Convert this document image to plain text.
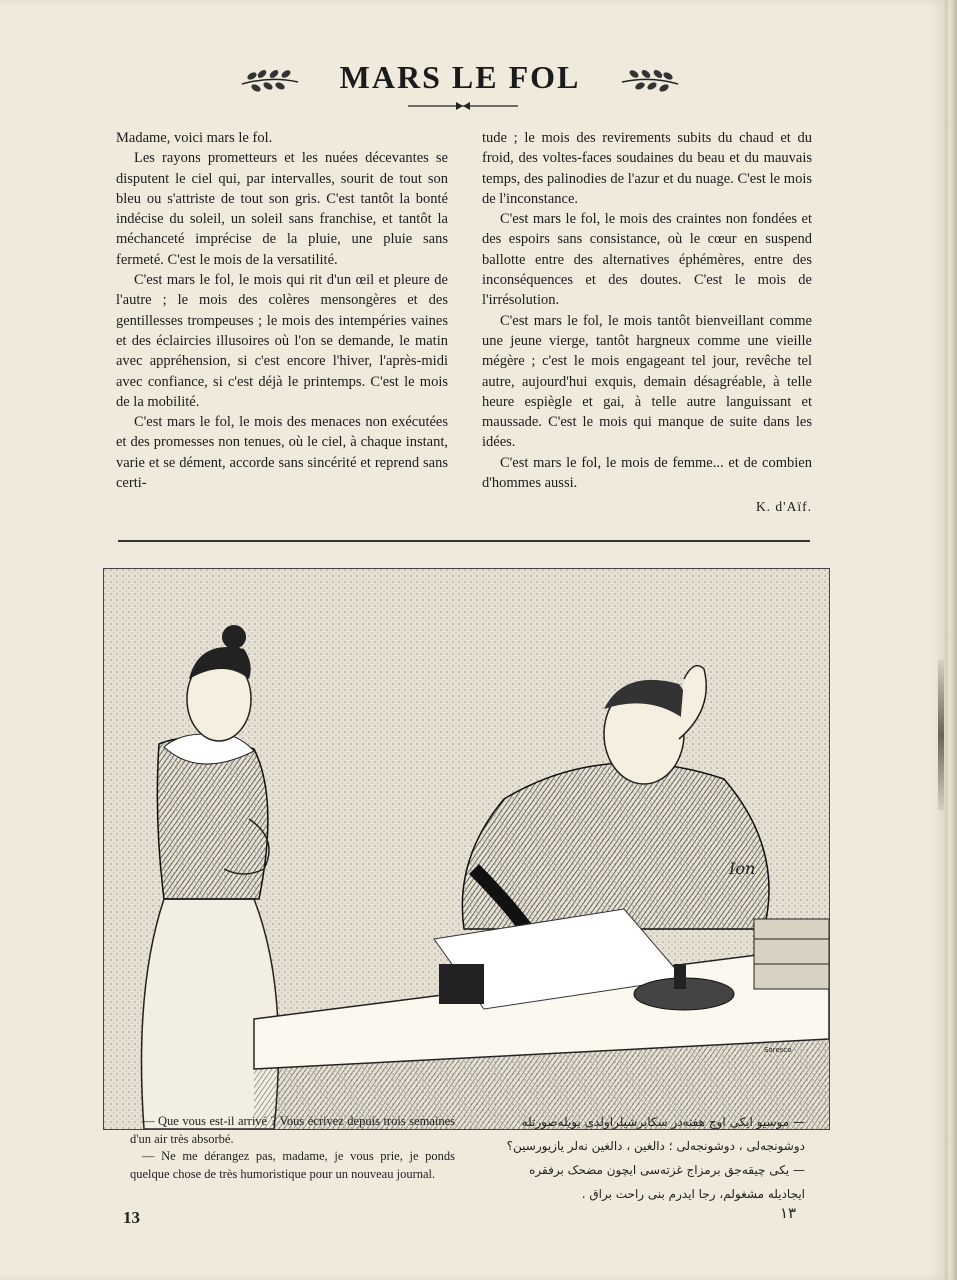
MARS LE FOL

Madame, voici mars le fol.

Les rayons prometteurs et les nuées décevantes se disputent le ciel qui, par intervalles, sourit de tout son bleu ou s'attriste de tout son gris. C'est tantôt la bonté indécise du soleil, un soleil sans franchise, et tantôt la méchanceté imprécise de la pluie, une pluie sans fermeté. C'est le mois de la versatilité.

C'est mars le fol, le mois qui rit d'un œil et pleure de l'autre ; le mois des colères mensongères et des gentillesses trompeuses ; le mois des intempéries vaines et des éclaircies illusoires où l'on se demande, le matin avec appréhension, si c'est encore l'hiver, l'après-midi avec confiance, si c'est déjà le printemps. C'est le mois de la mobilité.

C'est mars le fol, le mois des menaces non exécutées et des promesses non tenues, où le ciel, à chaque instant, varie et se dément, accorde sans sincérité et reprend sans certi-

tude ; le mois des revirements subits du chaud et du froid, des voltes-faces soudaines du beau et du mauvais temps, des palinodies de l'azur et du nuage. C'est le mois de l'inconstance.

C'est mars le fol, le mois des craintes non fondées et des espoirs sans consistance, où le cœur en suspend ballotte entre des alternatives éphémères, entre des inconséquences et des doutes. C'est le mois de l'irrésolution.

C'est mars le fol, le mois tantôt bienveillant comme une jeune vierge, tantôt hargneux comme une vieille mégère ; c'est le mois engageant tel jour, revêche tel autre, aujourd'hui exquis, demain désagréable, à telle heure espiègle et gai, à telle autre languissant et maussade. C'est le mois qui manque de suite dans les idées.

C'est mars le fol, le mois de femme... et de combien d'hommes aussi.

K. d'Aïf.
Ion
Soresco

— Que vous est-il arrivé ? Vous écrivez depuis trois semaines d'un air très absorbé.

— Ne me dérangez pas, madame, je vous prie, je ponds quelque chose de très humoristique pour un nouveau journal.

— موسیو ایکی اوچ هفته‌در سکابرشیلراولدی بویله‌صورتله

دوشونجه‌لی ، دوشونجه‌لی ؛ دالغین ، دالغین نه‌لر یازیورسین؟

— یکی چیقه‌جق برمزاج غزته‌سی ایچون مضحک برفقره

ایجادیله مشغولم، رجا ایدرم بنی راحت براق .

13	١٣
